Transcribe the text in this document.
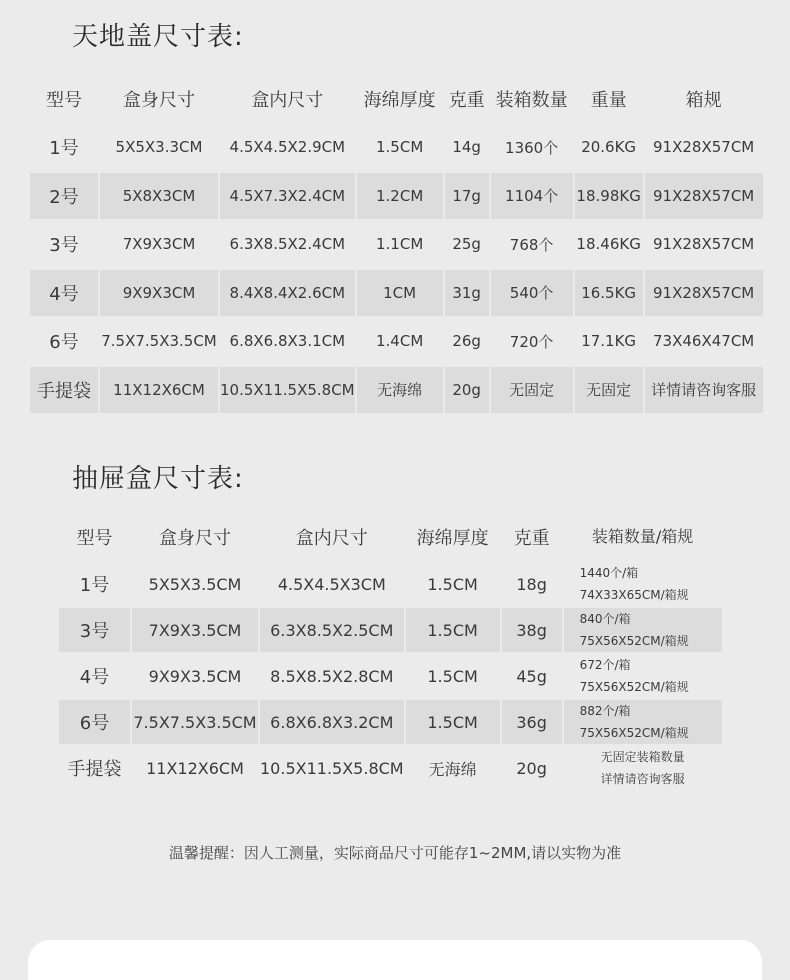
天地盖尺寸表:
型号	盒身尺寸	盒内尺寸	海绵厚度	克重	装箱数量	重量	箱规
1号	5X5X3.3CM	4.5X4.5X2.9CM	1.5CM	14g	1360个	20.6KG	91X28X57CM
2号	5X8X3CM	4.5X7.3X2.4CM	1.2CM	17g	1104个	18.98KG	91X28X57CM
3号	7X9X3CM	6.3X8.5X2.4CM	1.1CM	25g	768个	18.46KG	91X28X57CM
4号	9X9X3CM	8.4X8.4X2.6CM	1CM	31g	540个	16.5KG	91X28X57CM
6号	7.5X7.5X3.5CM	6.8X6.8X3.1CM	1.4CM	26g	720个	17.1KG	73X46X47CM
手提袋	11X12X6CM	10.5X11.5X5.8CM	无海绵	20g	无固定	无固定	详情请咨询客服
抽屉盒尺寸表:
型号	盒身尺寸	盒内尺寸	海绵厚度	克重	装箱数量/箱规
1号	5X5X3.5CM	4.5X4.5X3CM	1.5CM	18g	1440个/箱
74X33X65CM/箱规

3号	7X9X3.5CM	6.3X8.5X2.5CM	1.5CM	38g	840个/箱
75X56X52CM/箱规

4号	9X9X3.5CM	8.5X8.5X2.8CM	1.5CM	45g	672个/箱
75X56X52CM/箱规

6号	7.5X7.5X3.5CM	6.8X6.8X3.2CM	1.5CM	36g	882个/箱
75X56X52CM/箱规

手提袋	11X12X6CM	10.5X11.5X5.8CM	无海绵	20g	无固定装箱数量
详情请咨询客服
温馨提醒：因人工测量，实际商品尺寸可能存1~2MM,请以实物为准
